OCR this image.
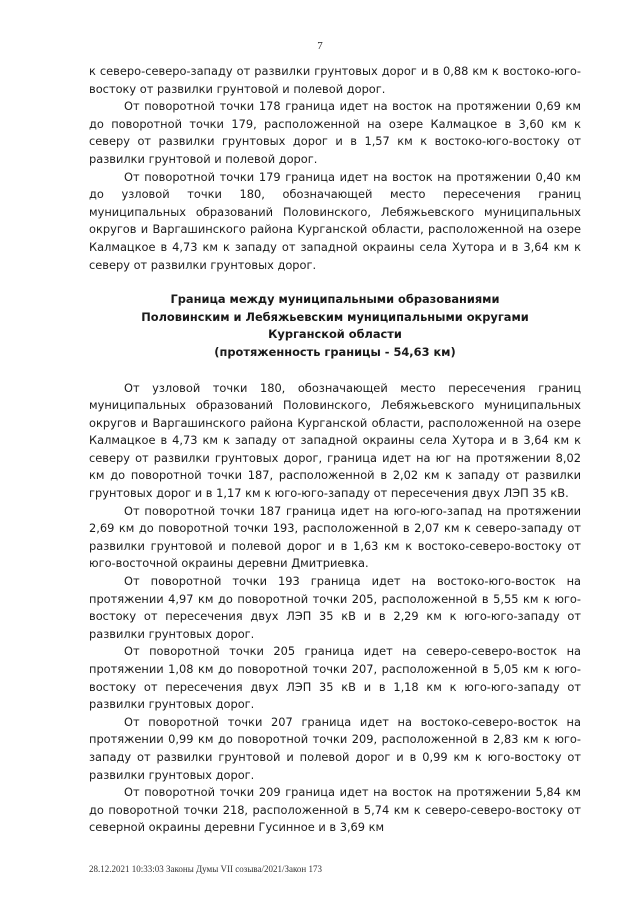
7

к северо-северо-западу от развилки грунтовых дорог и в 0,88 км к востоко-юго-востоку от развилки грунтовой и полевой дорог.

От поворотной точки 178 граница идет на восток на протяжении 0,69 км до поворотной точки 179, расположенной на озере Калмацкое в 3,60 км к северу от развилки грунтовых дорог и в 1,57 км к востоко-юго-востоку от развилки грунтовой и полевой дорог.

От поворотной точки 179 граница идет на восток на протяжении 0,40 км до узловой точки 180, обозначающей место пересечения границ муниципальных образований Половинского, Лебяжьевского муниципальных округов и Варгашинского района Курганской области, расположенной на озере Калмацкое в 4,73 км к западу от западной окраины села Хутора и в 3,64 км к северу от развилки грунтовых дорог.

Граница между муниципальными образованиями
Половинским и Лебяжьевским муниципальными округами
Курганской области
(протяженность границы - 54,63 км)

От узловой точки 180, обозначающей место пересечения границ муниципальных образований Половинского, Лебяжьевского муниципальных округов и Варгашинского района Курганской области, расположенной на озере Калмацкое в 4,73 км к западу от западной окраины села Хутора и в 3,64 км к северу от развилки грунтовых дорог, граница идет на юг на протяжении 8,02 км до поворотной точки 187, расположенной в 2,02 км к западу от развилки грунтовых дорог и в 1,17 км к юго-юго-западу от пересечения двух ЛЭП 35 кВ.

От поворотной точки 187 граница идет на юго-юго-запад на протяжении 2,69 км до поворотной точки 193, расположенной в 2,07 км к северо-западу от развилки грунтовой и полевой дорог и в 1,63 км к востоко-северо-востоку от юго-восточной окраины деревни Дмитриевка.

От поворотной точки 193 граница идет на востоко-юго-восток на протяжении 4,97 км до поворотной точки 205, расположенной в 5,55 км к юго-востоку от пересечения двух ЛЭП 35 кВ и в 2,29 км к юго-юго-западу от развилки грунтовых дорог.

От поворотной точки 205 граница идет на северо-северо-восток на протяжении 1,08 км до поворотной точки 207, расположенной в 5,05 км к юго-востоку от пересечения двух ЛЭП 35 кВ и в 1,18 км к юго-юго-западу от развилки грунтовых дорог.

От поворотной точки 207 граница идет на востоко-северо-восток на протяжении 0,99 км до поворотной точки 209, расположенной в 2,83 км к юго-западу от развилки грунтовой и полевой дорог и в 0,99 км к юго-востоку от развилки грунтовых дорог.

От поворотной точки 209 граница идет на восток на протяжении 5,84 км до поворотной точки 218, расположенной в 5,74 км к северо-северо-востоку от северной окраины деревни Гусинное и в 3,69 км

28.12.2021 10:33:03 Законы Думы VII созыва/2021/Закон 173
